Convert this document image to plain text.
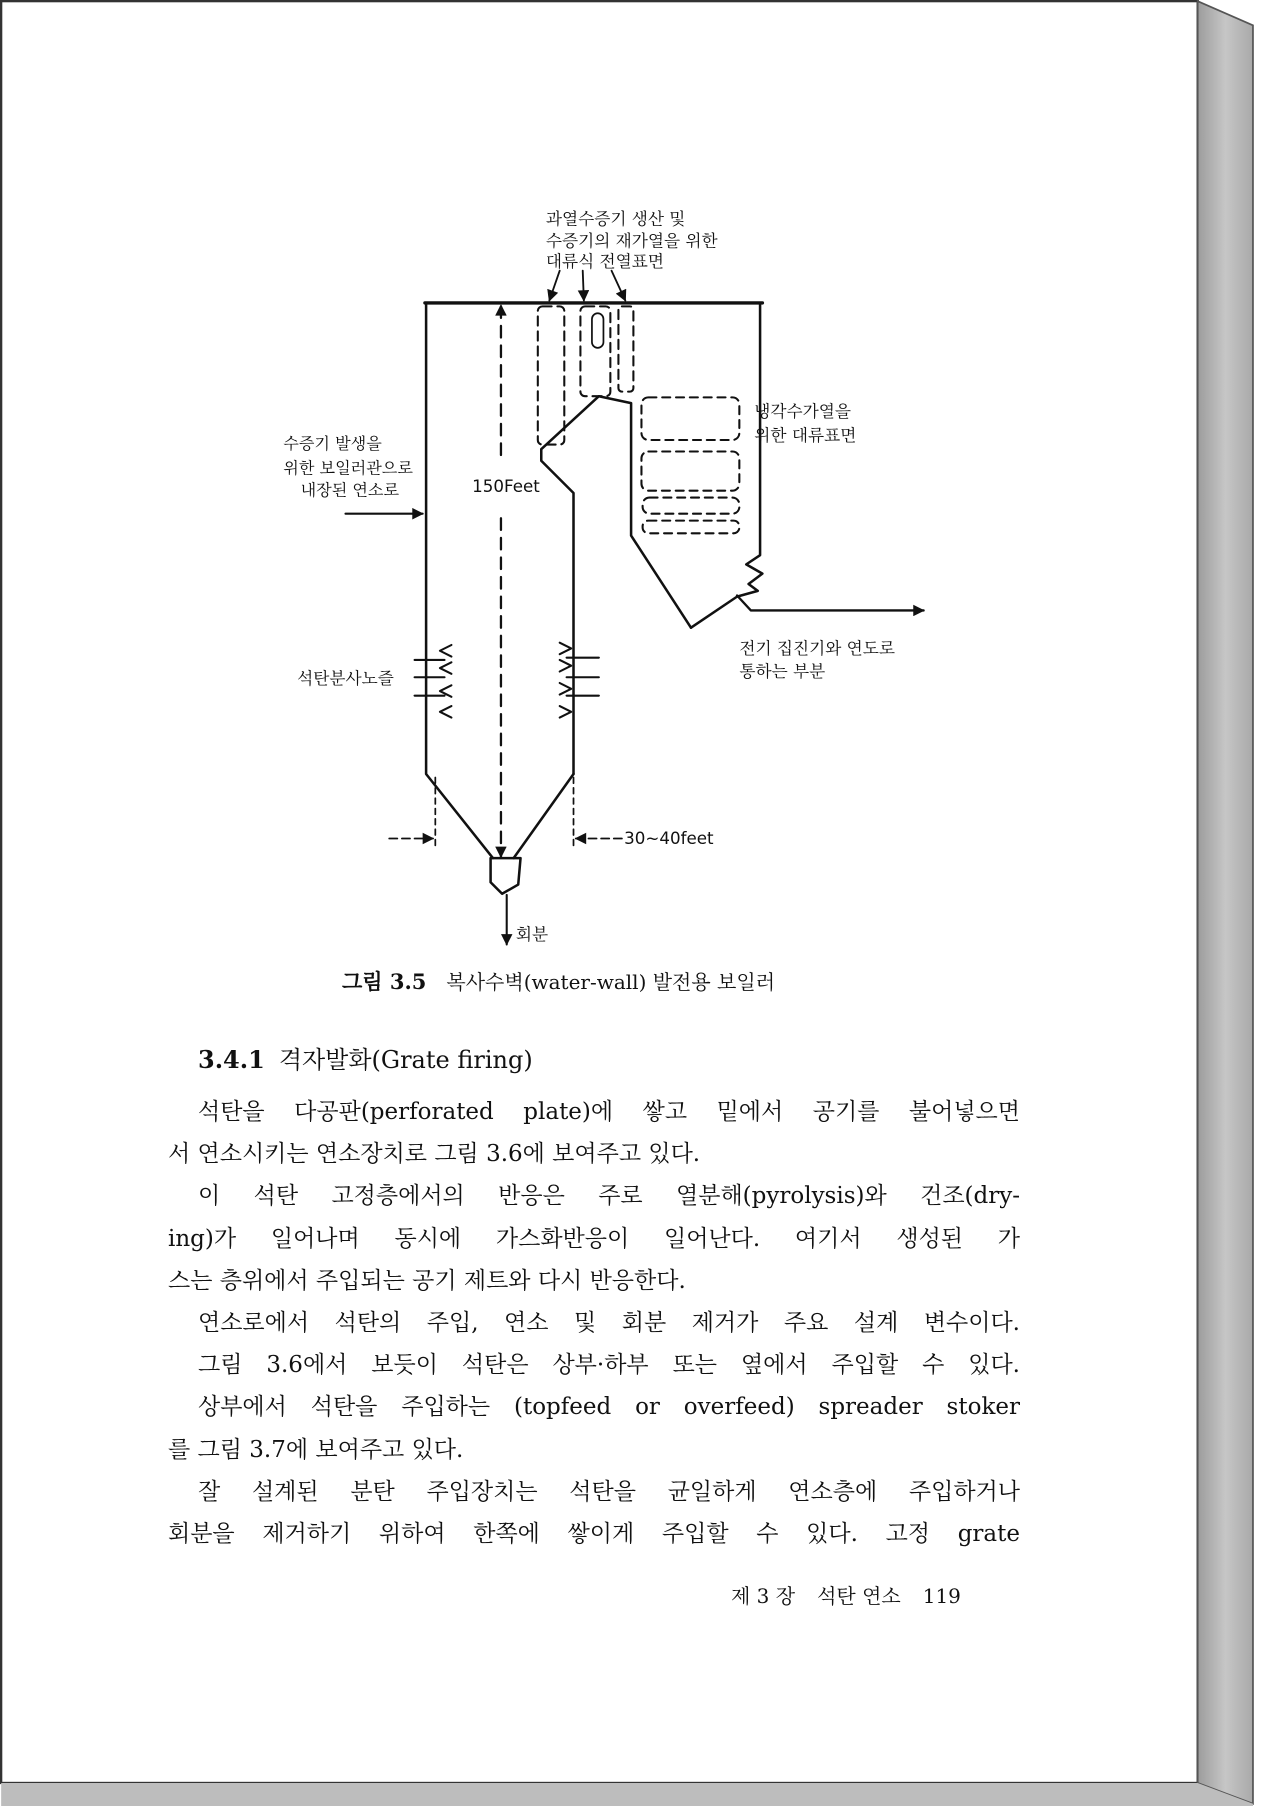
과열수증기 생산 및
수증기의 재가열을 위한
대류식 전열표면
냉각수가열을
위한 대류표면
수증기 발생을
위한 보일러관으로
내장된 연소로	150Feet
석탄분사노즐
전기 집진기와 연도로
통하는 부분
30~40feet
회분
그림 3.5 복사수벽(water-wall) 발전용 보일러
3.4.1 격자발화(Grate firing)
석탄을 다공판(perforated plate)에 쌓고 밑에서 공기를 불어넣으면
서 연소시키는 연소장치로 그림 3.6에 보여주고 있다.
이 석탄 고정층에서의 반응은 주로 열분해(pyrolysis)와 건조(dry-
ing)가 일어나며 동시에 가스화반응이 일어난다. 여기서 생성된 가
스는 층위에서 주입되는 공기 제트와 다시 반응한다.
연소로에서 석탄의 주입, 연소 및 회분 제거가 주요 설계 변수이다.
그림 3.6에서 보듯이 석탄은 상부·하부 또는 옆에서 주입할 수 있다.
상부에서 석탄을 주입하는 (topfeed or overfeed) spreader stoker
를 그림 3.7에 보여주고 있다.
잘 설계된 분탄 주입장치는 석탄을 균일하게 연소층에 주입하거나
회분을 제거하기 위하여 한쪽에 쌓이게 주입할 수 있다. 고정 grate
제 3 장 석탄 연소 119
